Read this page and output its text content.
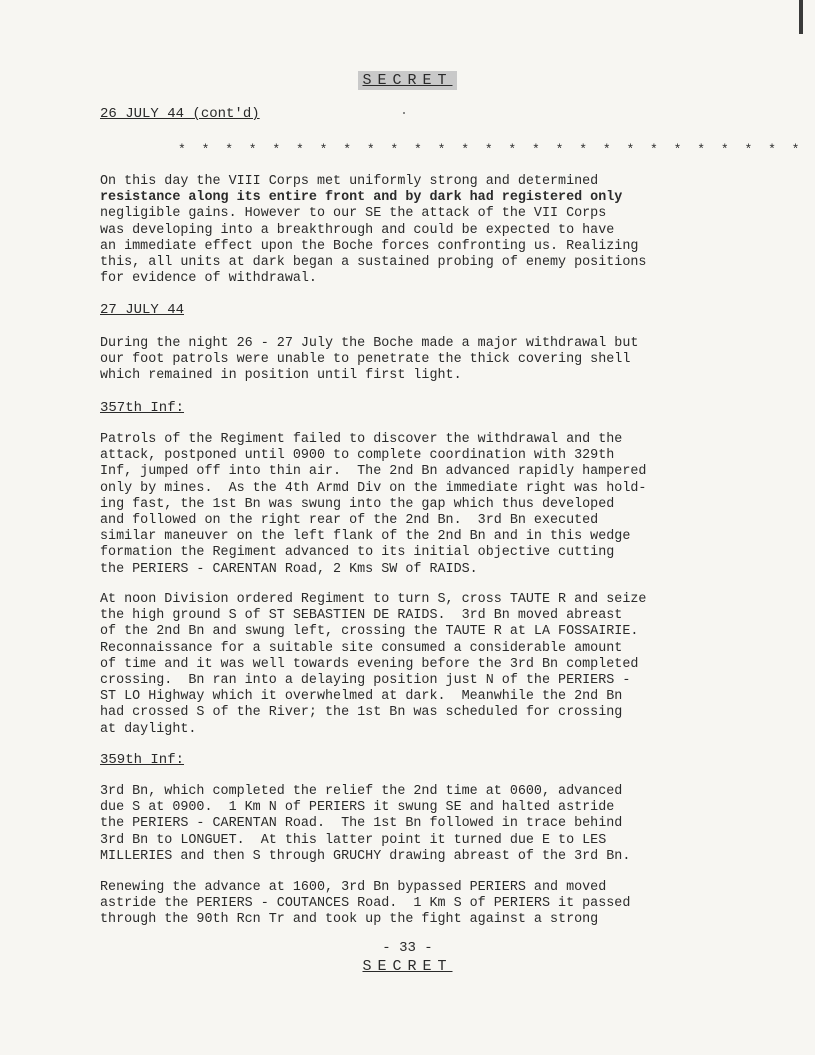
SECRET
26 JULY 44 (cont'd)
* * * * * * * * * * * * * * * * * * * * * * * * * * *
On this day the VIII Corps met uniformly strong and determined
resistance along its entire front and by dark had registered only
negligible gains. However to our SE the attack of the VII Corps
was developing into a breakthrough and could be expected to have
an immediate effect upon the Boche forces confronting us. Realizing
this, all units at dark began a sustained probing of enemy positions
for evidence of withdrawal.
27 JULY 44
During the night 26 - 27 July the Boche made a major withdrawal but
our foot patrols were unable to penetrate the thick covering shell
which remained in position until first light.
357th Inf:
Patrols of the Regiment failed to discover the withdrawal and the
attack, postponed until 0900 to complete coordination with 329th
Inf, jumped off into thin air.  The 2nd Bn advanced rapidly hampered
only by mines.  As the 4th Armd Div on the immediate right was hold-
ing fast, the 1st Bn was swung into the gap which thus developed
and followed on the right rear of the 2nd Bn.  3rd Bn executed
similar maneuver on the left flank of the 2nd Bn and in this wedge
formation the Regiment advanced to its initial objective cutting
the PERIERS - CARENTAN Road, 2 Kms SW of RAIDS.
At noon Division ordered Regiment to turn S, cross TAUTE R and seize
the high ground S of ST SEBASTIEN DE RAIDS.  3rd Bn moved abreast
of the 2nd Bn and swung left, crossing the TAUTE R at LA FOSSAIRIE.
Reconnaissance for a suitable site consumed a considerable amount
of time and it was well towards evening before the 3rd Bn completed
crossing.  Bn ran into a delaying position just N of the PERIERS -
ST LO Highway which it overwhelmed at dark.  Meanwhile the 2nd Bn
had crossed S of the River; the 1st Bn was scheduled for crossing
at daylight.
359th Inf:
3rd Bn, which completed the relief the 2nd time at 0600, advanced
due S at 0900.  1 Km N of PERIERS it swung SE and halted astride
the PERIERS - CARENTAN Road.  The 1st Bn followed in trace behind
3rd Bn to LONGUET.  At this latter point it turned due E to LES
MILLERIES and then S through GRUCHY drawing abreast of the 3rd Bn.
Renewing the advance at 1600, 3rd Bn bypassed PERIERS and moved
astride the PERIERS - COUTANCES Road.  1 Km S of PERIERS it passed
through the 90th Rcn Tr and took up the fight against a strong
- 33 -
SECRET
